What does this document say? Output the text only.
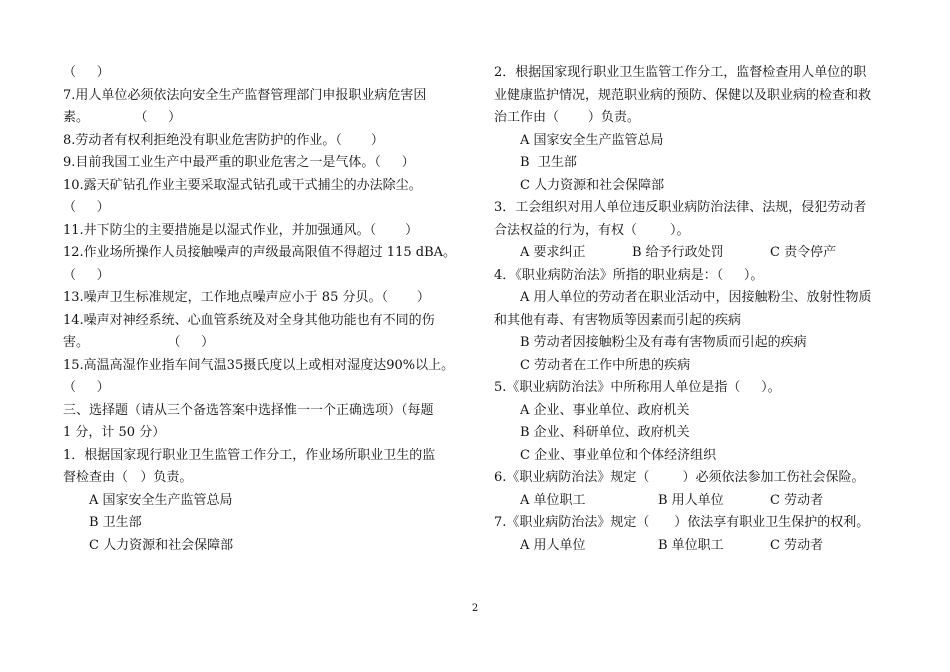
（     ）
7.用人单位必须依法向安全生产监督管理部门申报职业病危害因
素。           （     ）
8.劳动者有权利拒绝没有职业危害防护的作业。（       ）
9.目前我国工业生产中最严重的职业危害之一是气体。（     ）
10.露天矿钻孔作业主要采取湿式钻孔或干式捕尘的办法除尘。
（     ）
11.井下防尘的主要措施是以湿式作业，并加强通风。（       ）
12.作业场所操作人员接触噪声的声级最高限值不得超过 115 dBA。
（     ）
13.噪声卫生标准规定，工作地点噪声应小于 85 分贝。（       ）
14.噪声对神经系统、心血管系统及对全身其他功能也有不同的伤
害。                   （     ）
15.高温高湿作业指车间气温35摄氏度以上或相对湿度达90%以上。
（     ）
三、选择题（请从三个备选答案中选择惟一一个正确选项）（每题
1 分，计 50 分）
1．根据国家现行职业卫生监管工作分工，作业场所职业卫生的监
督检查由（   ）负责。
A 国家安全生产监管总局
B 卫生部
C 人力资源和社会保障部
2．根据国家现行职业卫生监管工作分工，监督检查用人单位的职
业健康监护情况，规范职业病的预防、保健以及职业病的检查和救
治工作由（       ）负责。
A 国家安全生产监管总局
B  卫生部
C 人力资源和社会保障部
3．工会组织对用人单位违反职业病防治法律、法规，侵犯劳动者
合法权益的行为，有权（        ）。

A 要求纠正

	B 给予行政处罚

	C 责令停产

4．《职业病防治法》所指的职业病是：（     ）。
A 用人单位的劳动者在职业活动中，因接触粉尘、放射性物质
和其他有毒、有害物质等因素而引起的疾病
B 劳动者因接触粉尘及有毒有害物质而引起的疾病
C 劳动者在工作中所患的疾病
5.《职业病防治法》中所称用人单位是指（     ）。
A 企业、事业单位、政府机关
B 企业、科研单位、政府机关
C 企业、事业单位和个体经济组织
6.《职业病防治法》规定（        ）必须依法参加工伤社会保险。

A 单位职工

	B 用人单位

	C 劳动者

7.《职业病防治法》规定（      ）依法享有职业卫生保护的权利。

A 用人单位

	B 单位职工

	C 劳动者

2
